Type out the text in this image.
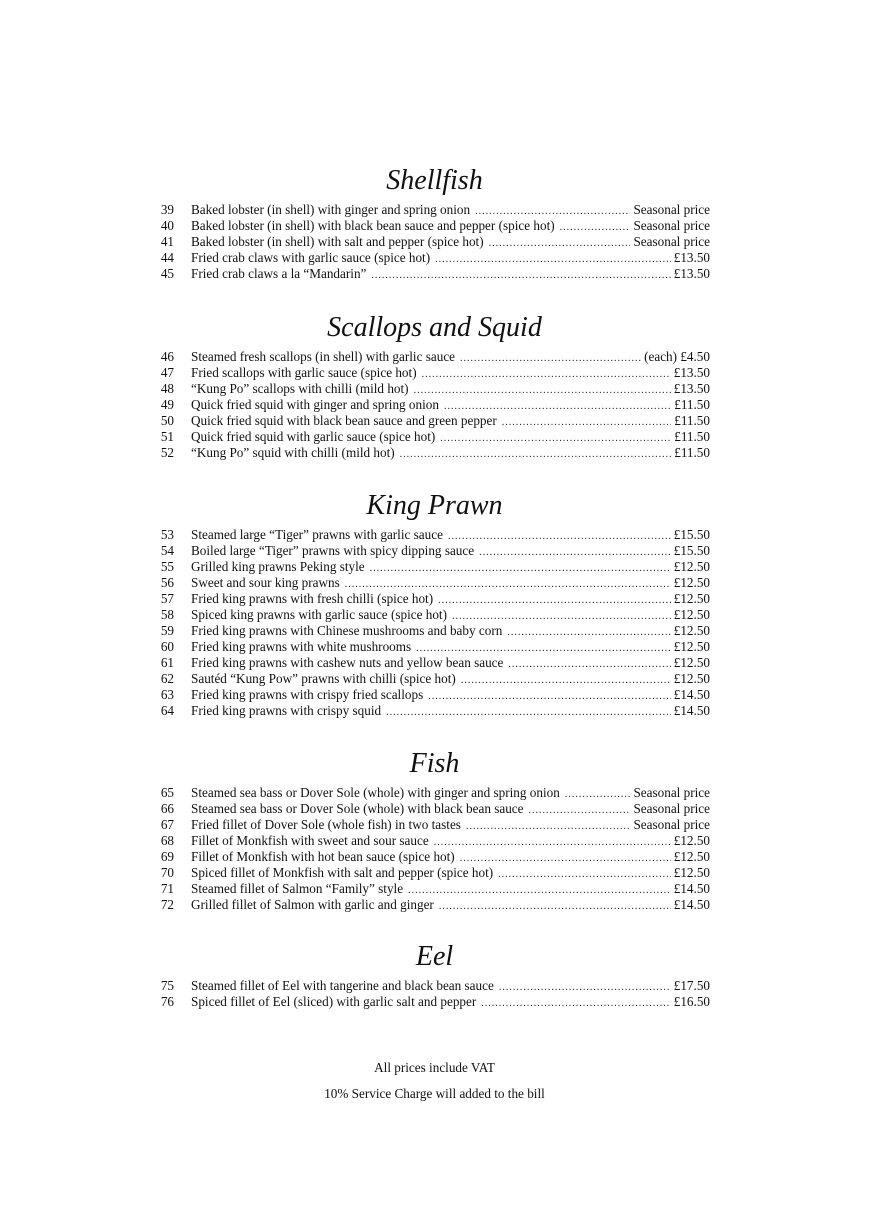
Shellfish
39 Baked lobster (in shell) with ginger and spring onion .....	Seasonal price
40 Baked lobster (in shell) with black bean sauce and pepper (spice hot) .....	Seasonal price
41 Baked lobster (in shell) with salt and pepper (spice hot) .....	Seasonal price
44 Fried crab claws with garlic sauce (spice hot) .....	£13.50
45 Fried crab claws a la “Mandarin” .....	£13.50
Scallops and Squid
46 Steamed fresh scallops (in shell) with garlic sauce .....	(each) £4.50
47 Fried scallops with garlic sauce (spice hot) .....	£13.50
48 “Kung Po” scallops with chilli (mild hot) .....	£13.50
49 Quick fried squid with ginger and spring onion .....	£11.50
50 Quick fried squid with black bean sauce and green pepper .....	£11.50
51 Quick fried squid with garlic sauce (spice hot) .....	£11.50
52 “Kung Po” squid with chilli (mild hot) .....	£11.50
King Prawn
53 Steamed large “Tiger” prawns with garlic sauce .....	£15.50
54 Boiled large “Tiger” prawns with spicy dipping sauce .....	£15.50
55 Grilled king prawns Peking style .....	£12.50
56 Sweet and sour king prawns .....	£12.50
57 Fried king prawns with fresh chilli (spice hot) .....	£12.50
58 Spiced king prawns with garlic sauce (spice hot) .....	£12.50
59 Fried king prawns with Chinese mushrooms and baby corn .....	£12.50
60 Fried king prawns with white mushrooms .....	£12.50
61 Fried king prawns with cashew nuts and yellow bean sauce .....	£12.50
62 Sautéd “Kung Pow” prawns with chilli (spice hot) .....	£12.50
63 Fried king prawns with crispy fried scallops .....	£14.50
64 Fried king prawns with crispy squid .....	£14.50
Fish
65 Steamed sea bass or Dover Sole (whole) with ginger and spring onion .....	Seasonal price
66 Steamed sea bass or Dover Sole (whole) with black bean sauce .....	Seasonal price
67 Fried fillet of Dover Sole (whole fish) in two tastes .....	Seasonal price
68 Fillet of Monkfish with sweet and sour sauce .....	£12.50
69 Fillet of Monkfish with hot bean sauce (spice hot) .....	£12.50
70 Spiced fillet of Monkfish with salt and pepper (spice hot) .....	£12.50
71 Steamed fillet of Salmon “Family” style .....	£14.50
72 Grilled fillet of Salmon with garlic and ginger .....	£14.50
Eel
75 Steamed fillet of Eel with tangerine and black bean sauce .....	£17.50
76 Spiced fillet of Eel (sliced) with garlic salt and pepper .....	£16.50
All prices include VAT
10% Service Charge will added to the bill
